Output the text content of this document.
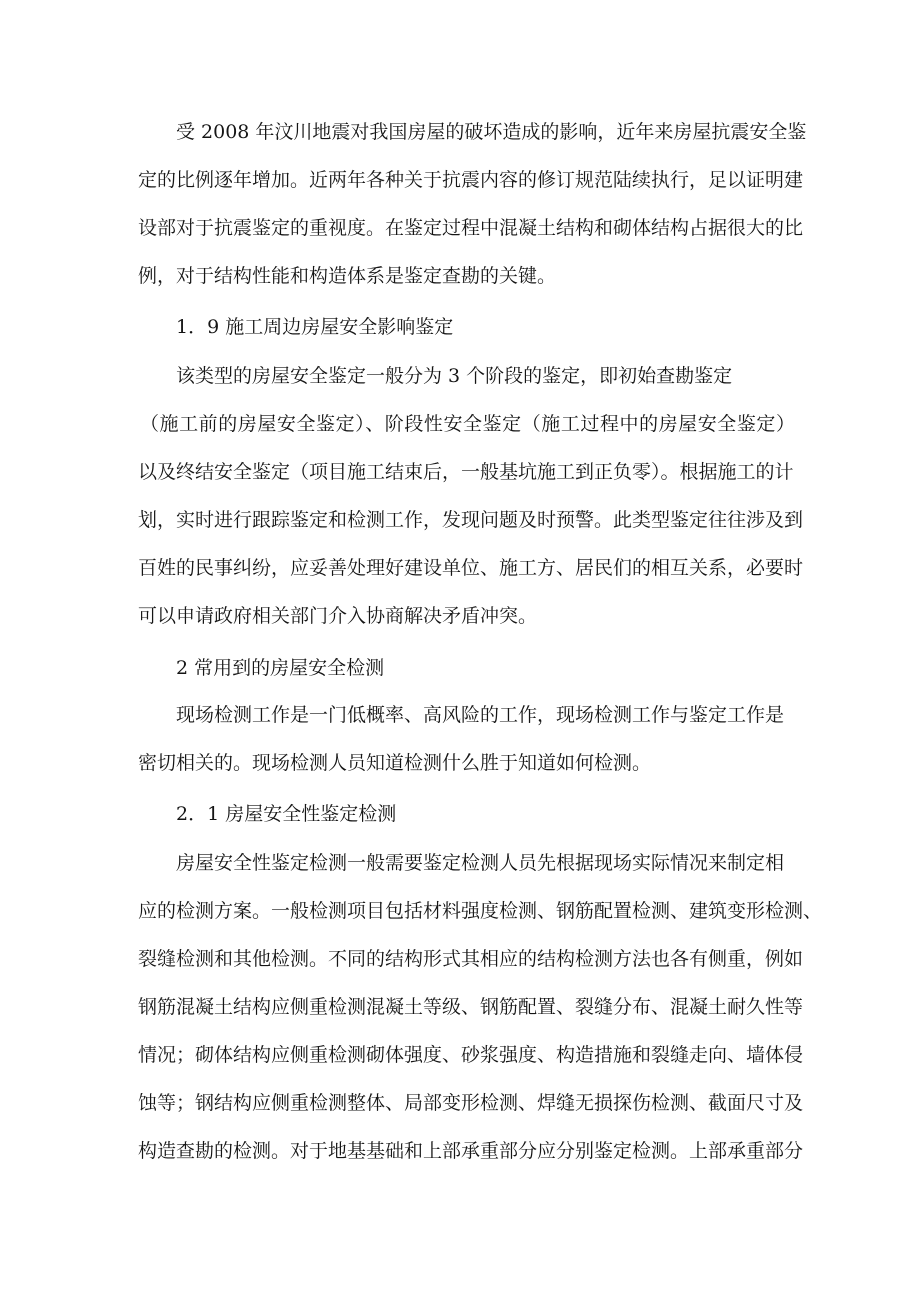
受 2008 年汶川地震对我国房屋的破坏造成的影响，近年来房屋抗震安全鉴
定的比例逐年增加。近两年各种关于抗震内容的修订规范陆续执行，足以证明建
设部对于抗震鉴定的重视度。在鉴定过程中混凝土结构和砌体结构占据很大的比
例，对于结构性能和构造体系是鉴定查勘的关键。
1．9 施工周边房屋安全影响鉴定
该类型的房屋安全鉴定一般分为 3 个阶段的鉴定，即初始查勘鉴定
（施工前的房屋安全鉴定）、阶段性安全鉴定（施工过程中的房屋安全鉴定）
以及终结安全鉴定（项目施工结束后，一般基坑施工到正负零）。根据施工的计
划，实时进行跟踪鉴定和检测工作，发现问题及时预警。此类型鉴定往往涉及到
百姓的民事纠纷，应妥善处理好建设单位、施工方、居民们的相互关系，必要时
可以申请政府相关部门介入协商解决矛盾冲突。
2 常用到的房屋安全检测
现场检测工作是一门低概率、高风险的工作，现场检测工作与鉴定工作是
密切相关的。现场检测人员知道检测什么胜于知道如何检测。
2．1 房屋安全性鉴定检测
房屋安全性鉴定检测一般需要鉴定检测人员先根据现场实际情况来制定相
应的检测方案。一般检测项目包括材料强度检测、钢筋配置检测、建筑变形检测、
裂缝检测和其他检测。不同的结构形式其相应的结构检测方法也各有侧重，例如
钢筋混凝土结构应侧重检测混凝土等级、钢筋配置、裂缝分布、混凝土耐久性等
情况；砌体结构应侧重检测砌体强度、砂浆强度、构造措施和裂缝走向、墙体侵
蚀等；钢结构应侧重检测整体、局部变形检测、焊缝无损探伤检测、截面尺寸及
构造查勘的检测。对于地基基础和上部承重部分应分别鉴定检测。上部承重部分
